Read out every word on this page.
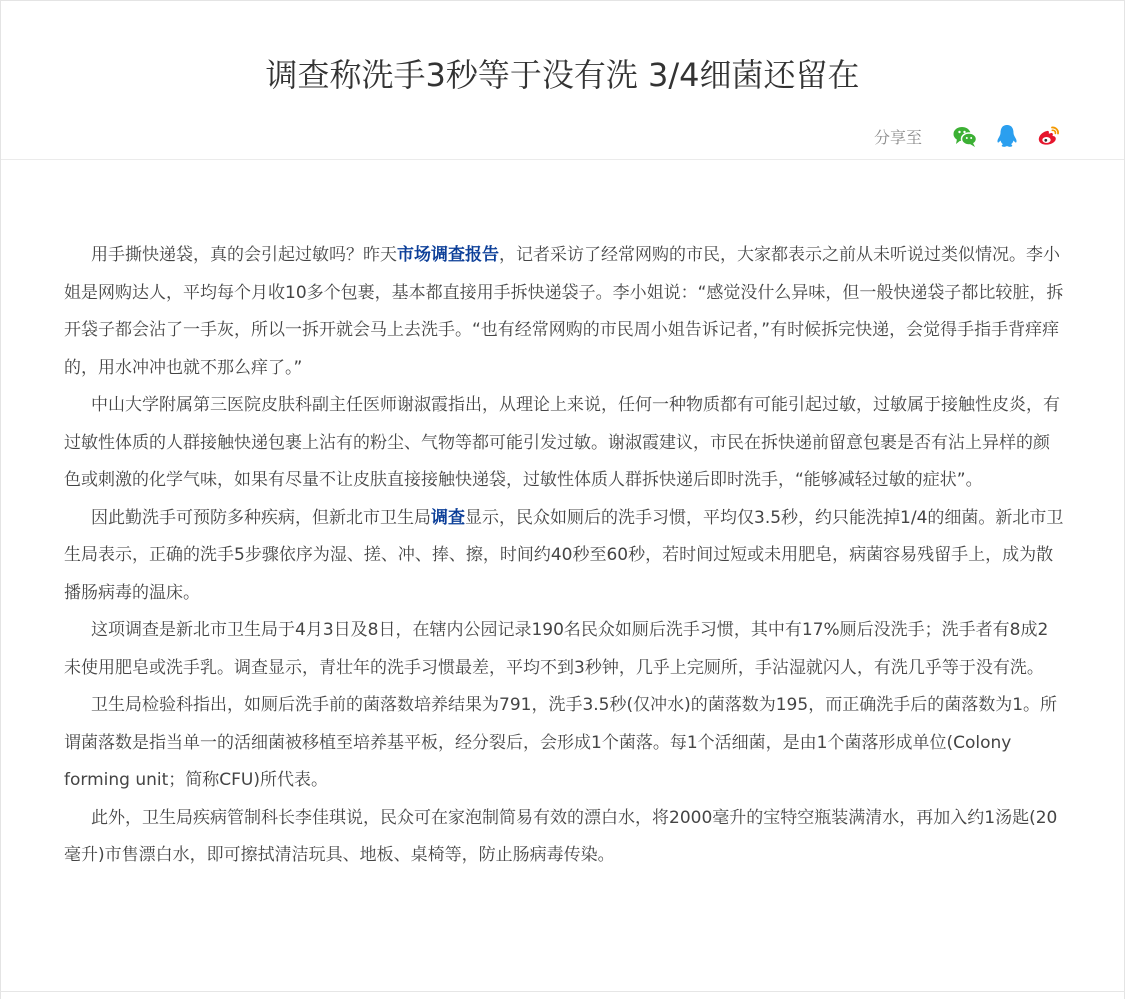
调查称洗手3秒等于没有洗 3/4细菌还留在
分享至

用手撕快递袋，真的会引起过敏吗？昨天市场调查报告，记者采访了经常网购的市民，大家都表示之前从未听说过类似情况。李小姐是网购达人，平均每个月收10多个包裹，基本都直接用手拆快递袋子。李小姐说：“感觉没什么异味，但一般快递袋子都比较脏，拆开袋子都会沾了一手灰，所以一拆开就会马上去洗手。“也有经常网购的市民周小姐告诉记者，”有时候拆完快递，会觉得手指手背痒痒的，用水冲冲也就不那么痒了。”

中山大学附属第三医院皮肤科副主任医师谢淑霞指出，从理论上来说，任何一种物质都有可能引起过敏，过敏属于接触性皮炎，有过敏性体质的人群接触快递包裹上沾有的粉尘、气物等都可能引发过敏。谢淑霞建议，市民在拆快递前留意包裹是否有沾上异样的颜色或刺激的化学气味，如果有尽量不让皮肤直接接触快递袋，过敏性体质人群拆快递后即时洗手，“能够减轻过敏的症状”。

因此勤洗手可预防多种疾病，但新北市卫生局调查显示，民众如厕后的洗手习惯，平均仅3.5秒，约只能洗掉1/4的细菌。新北市卫生局表示，正确的洗手5步骤依序为湿、搓、冲、捧、擦，时间约40秒至60秒，若时间过短或未用肥皂，病菌容易残留手上，成为散播肠病毒的温床。

这项调查是新北市卫生局于4月3日及8日，在辖内公园记录190名民众如厕后洗手习惯，其中有17%厕后没洗手；洗手者有8成2未使用肥皂或洗手乳。调查显示，青壮年的洗手习惯最差，平均不到3秒钟，几乎上完厕所，手沾湿就闪人，有洗几乎等于没有洗。

卫生局检验科指出，如厕后洗手前的菌落数培养结果为791，洗手3.5秒(仅冲水)的菌落数为195，而正确洗手后的菌落数为1。所谓菌落数是指当单一的活细菌被移植至培养基平板，经分裂后，会形成1个菌落。每1个活细菌，是由1个菌落形成单位(Colony forming unit；简称CFU)所代表。

此外，卫生局疾病管制科长李佳琪说，民众可在家泡制简易有效的漂白水，将2000毫升的宝特空瓶装满清水，再加入约1汤匙(20毫升)市售漂白水，即可擦拭清洁玩具、地板、桌椅等，防止肠病毒传染。
